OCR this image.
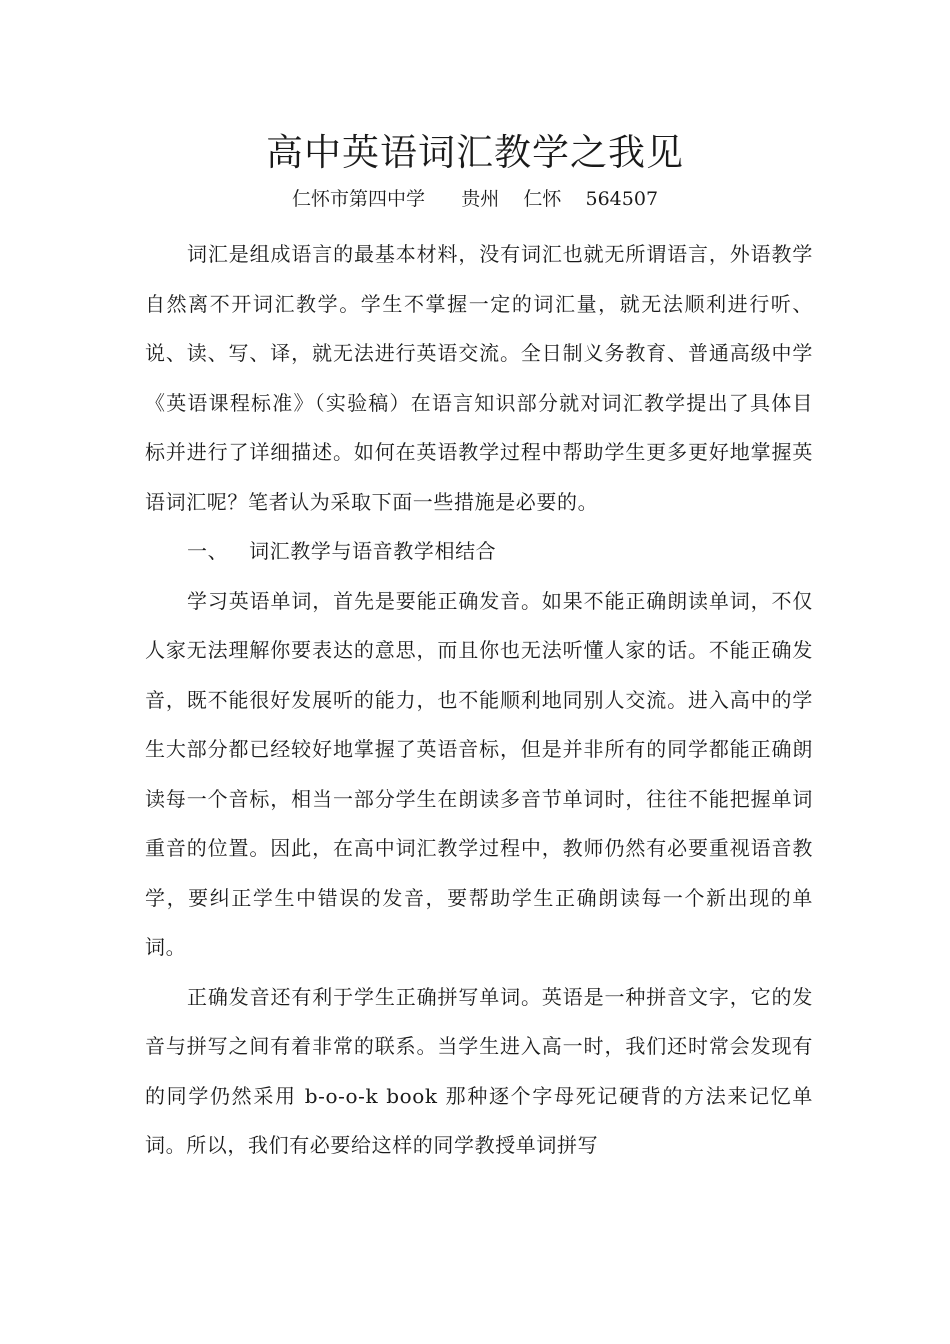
高中英语词汇教学之我见
仁怀市第四中学      贵州    仁怀    564507

词汇是组成语言的最基本材料，没有词汇也就无所谓语言，外语教学自然离不开词汇教学。学生不掌握一定的词汇量，就无法顺利进行听、说、读、写、译，就无法进行英语交流。全日制义务教育、普通高级中学《英语课程标准》（实验稿）在语言知识部分就对词汇教学提出了具体目标并进行了详细描述。如何在英语教学过程中帮助学生更多更好地掌握英语词汇呢？笔者认为采取下面一些措施是必要的。

一、   词汇教学与语音教学相结合

学习英语单词，首先是要能正确发音。如果不能正确朗读单词，不仅人家无法理解你要表达的意思，而且你也无法听懂人家的话。不能正确发音，既不能很好发展听的能力，也不能顺利地同别人交流。进入高中的学生大部分都已经较好地掌握了英语音标，但是并非所有的同学都能正确朗读每一个音标，相当一部分学生在朗读多音节单词时，往往不能把握单词重音的位置。因此，在高中词汇教学过程中，教师仍然有必要重视语音教学，要纠正学生中错误的发音，要帮助学生正确朗读每一个新出现的单词。

正确发音还有利于学生正确拼写单词。英语是一种拼音文字，它的发音与拼写之间有着非常的联系。当学生进入高一时，我们还时常会发现有的同学仍然采用 b-o-o-k book 那种逐个字母死记硬背的方法来记忆单词。所以，我们有必要给这样的同学教授单词拼写
